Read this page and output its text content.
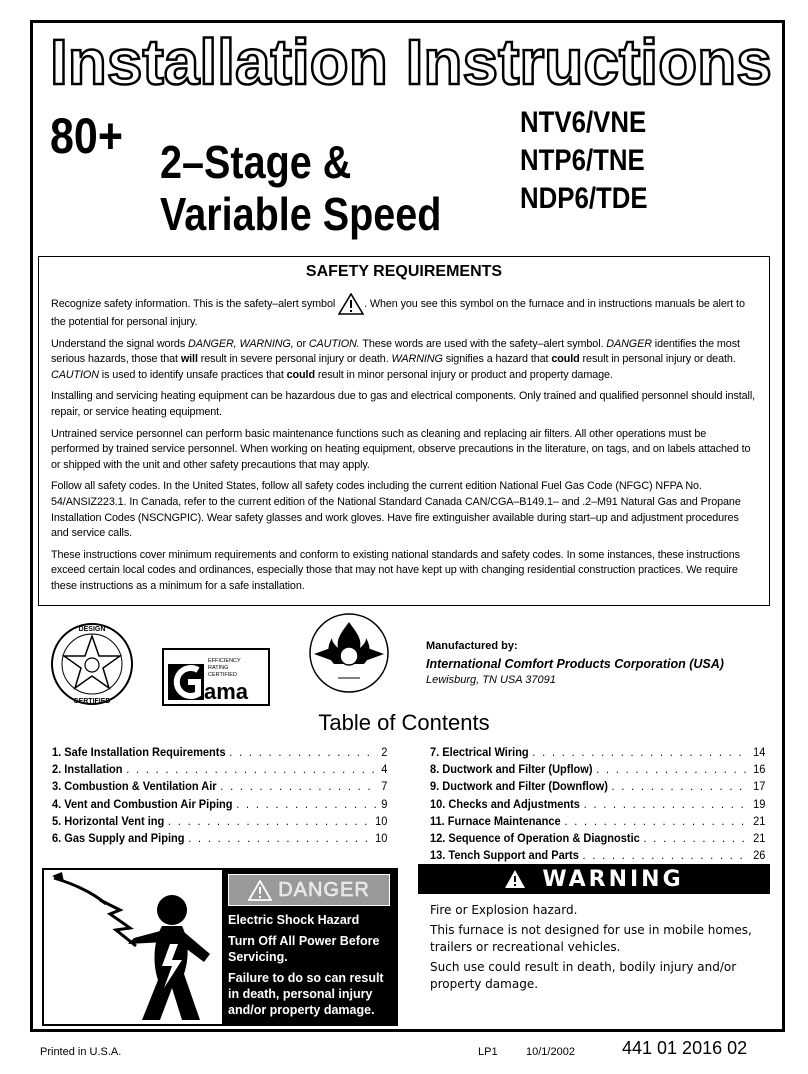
Installation Instructions
80+ 2–Stage &
Variable Speed
NTV6/VNE
NTP6/TNE
NDP6/TDE
SAFETY REQUIREMENTS

Recognize safety information. This is the safety–alert symbol . When you see this symbol on the furnace and in instructions manuals be alert to the potential for personal injury.

Understand the signal words DANGER, WARNING, or CAUTION. These words are used with the safety–alert symbol. DANGER identifies the most serious hazards, those that will result in severe personal injury or death. WARNING signifies a hazard that could result in personal injury or death. CAUTION is used to identify unsafe practices that could result in minor personal injury or product and property damage.

Installing and servicing heating equipment can be hazardous due to gas and electrical components. Only trained and qualified personnel should install, repair, or service heating equipment.

Untrained service personnel can perform basic maintenance functions such as cleaning and replacing air filters. All other operations must be performed by trained service personnel. When working on heating equipment, observe precautions in the literature, on tags, and on labels attached to or shipped with the unit and other safety precautions that may apply.

Follow all safety codes. In the United States, follow all safety codes including the current edition National Fuel Gas Code (NFGC) NFPA No. 54/ANSIZ223.1. In Canada, refer to the current edition of the National Standard Canada CAN/CGA–B149.1– and .2–M91 Natural Gas and Propane Installation Codes (NSCNGPIC). Wear safety glasses and work gloves. Have fire extinguisher available during start–up and adjustment procedures and service calls.

These instructions cover minimum requirements and conform to existing national standards and safety codes. In some instances, these instructions exceed certain local codes and ordinances, especially those that may not have kept up with changing residential construction practices. We require these instructions as a minimum for a safe installation.

DESIGN
CERTIFIED
EFFICIENCY
RATING
CERTIFIED
ama
Manufactured by:
International Comfort Products Corporation (USA)
Lewisburg, TN USA 37091
Table of Contents
1. Safe Installation Requirements . . .	2
2. Installation . . .	4
3. Combustion & Ventilation Air . . .	7
4. Vent and Combustion Air Piping . . .	9
5. Horizontal Vent ing . . .	10
6. Gas Supply and Piping . . .	10
7. Electrical Wiring . . .	14
8. Ductwork and Filter (Upflow) . . .	16
9. Ductwork and Filter (Downflow) . . .	17
10. Checks and Adjustments . . .	19
11. Furnace Maintenance . . .	21
12. Sequence of Operation & Diagnostic . . .	21
13. Tench Support and Parts . . .	26
DANGER
Electric Shock Hazard
Turn Off All Power Before Servicing.
Failure to do so can result in death, personal injury and/or property damage.
WARNING
Fire or Explosion hazard.
This furnace is not designed for use in mobile homes, trailers or recreational vehicles.
Such use could result in death, bodily injury and/or property damage.
Printed in U.S.A.	LP1	10/1/2002	441 01 2016 02
